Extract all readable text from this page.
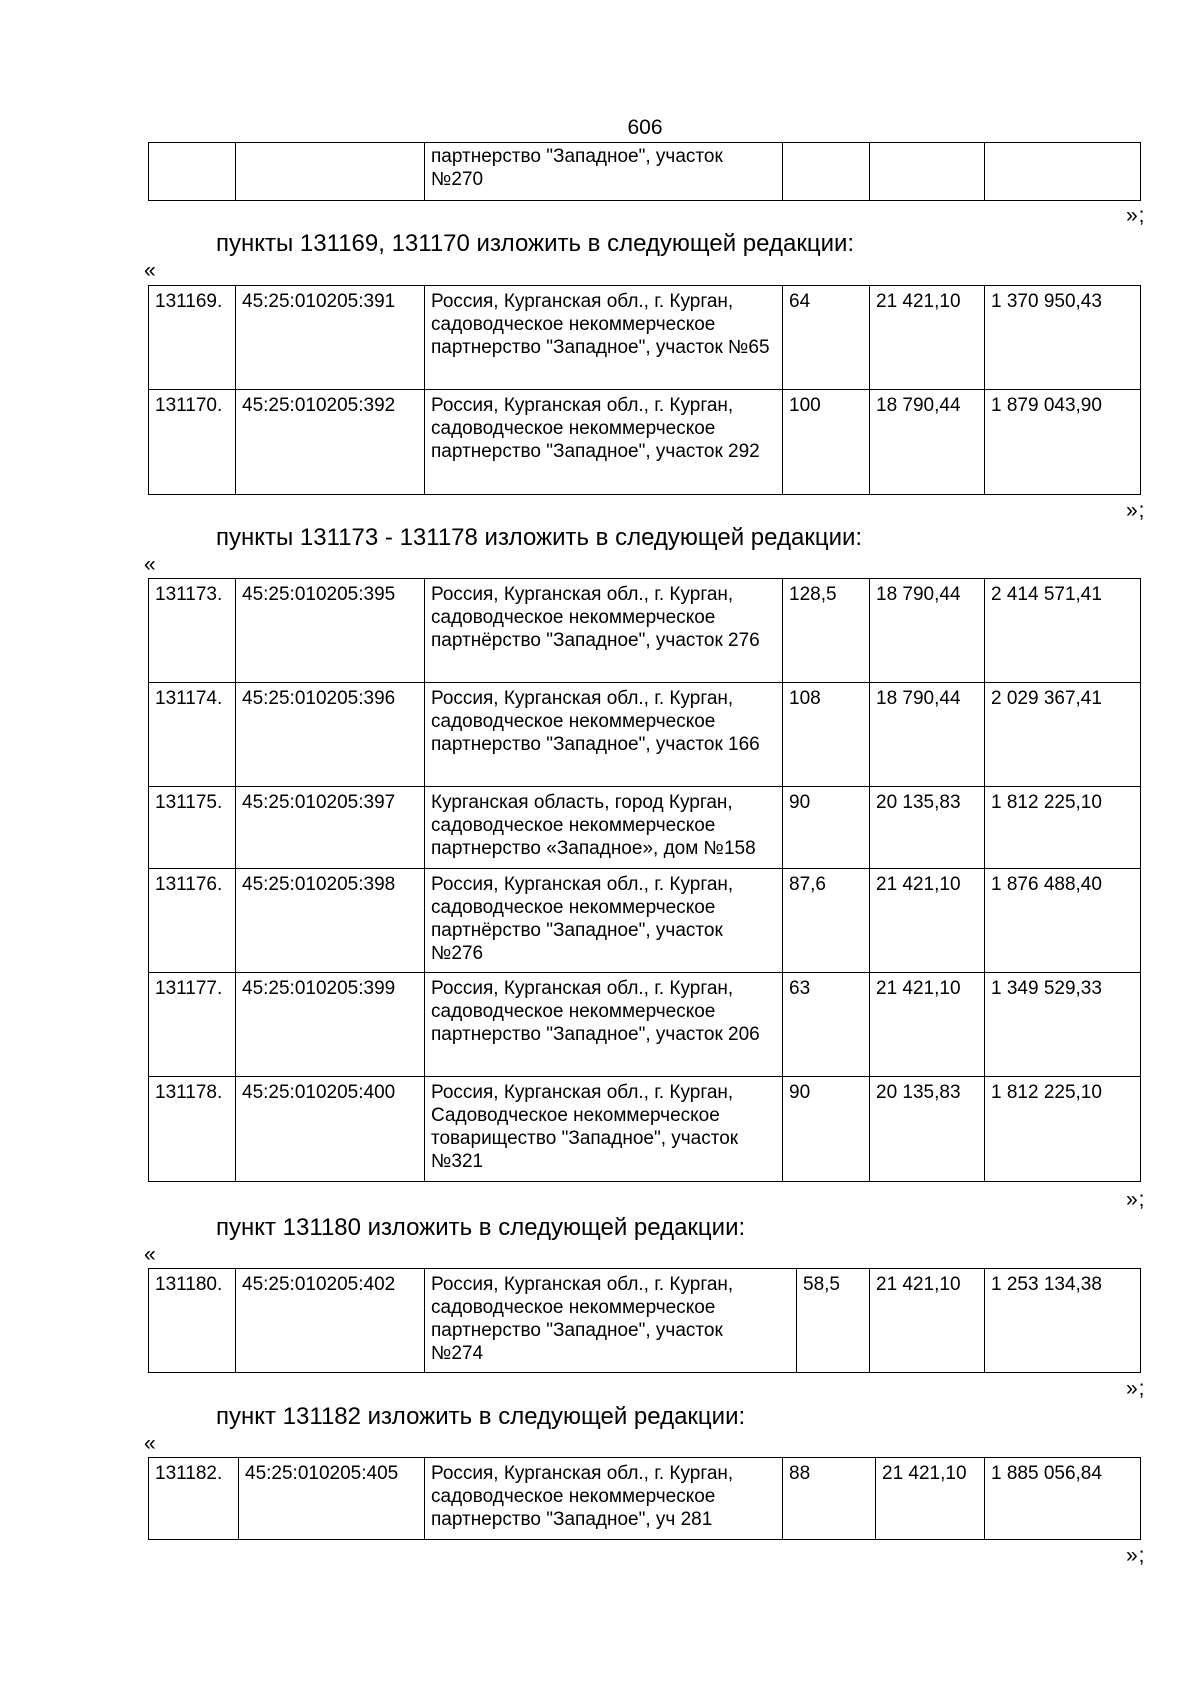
606
		партнерство "Западное", участок №270			
»;
пункты 131169, 131170 изложить в следующей редакции:
«
131169.	45:25:010205:391	Россия, Курганская обл., г. Курган, садоводческое некоммерческое партнерство "Западное", участок №65	64	21 421,10	1 370 950,43
131170.	45:25:010205:392	Россия, Курганская обл., г. Курган, садоводческое некоммерческое партнерство "Западное", участок 292	100	18 790,44	1 879 043,90
»;
пункты 131173 - 131178 изложить в следующей редакции:
«
131173.	45:25:010205:395	Россия, Курганская обл., г. Курган, садоводческое некоммерческое партнёрство "Западное", участок 276	128,5	18 790,44	2 414 571,41
131174.	45:25:010205:396	Россия, Курганская обл., г. Курган, садоводческое некоммерческое партнерство "Западное", участок 166	108	18 790,44	2 029 367,41
131175.	45:25:010205:397	Курганская область, город Курган, садоводческое некоммерческое партнерство «Западное», дом №158	90	20 135,83	1 812 225,10
131176.	45:25:010205:398	Россия, Курганская обл., г. Курган, садоводческое некоммерческое партнёрство "Западное", участок №276	87,6	21 421,10	1 876 488,40
131177.	45:25:010205:399	Россия, Курганская обл., г. Курган, садоводческое некоммерческое партнерство "Западное", участок 206	63	21 421,10	1 349 529,33
131178.	45:25:010205:400	Россия, Курганская обл., г. Курган, Садоводческое некоммерческое товарищество "Западное", участок №321	90	20 135,83	1 812 225,10
»;
пункт 131180 изложить в следующей редакции:
«
131180.	45:25:010205:402	Россия, Курганская обл., г. Курган, садоводческое некоммерческое партнерство "Западное", участок №274	58,5	21 421,10	1 253 134,38
»;
пункт 131182 изложить в следующей редакции:
«
131182.	45:25:010205:405	Россия, Курганская обл., г. Курган, садоводческое некоммерческое партнерство "Западное", уч 281	88	21 421,10	1 885 056,84
»;
